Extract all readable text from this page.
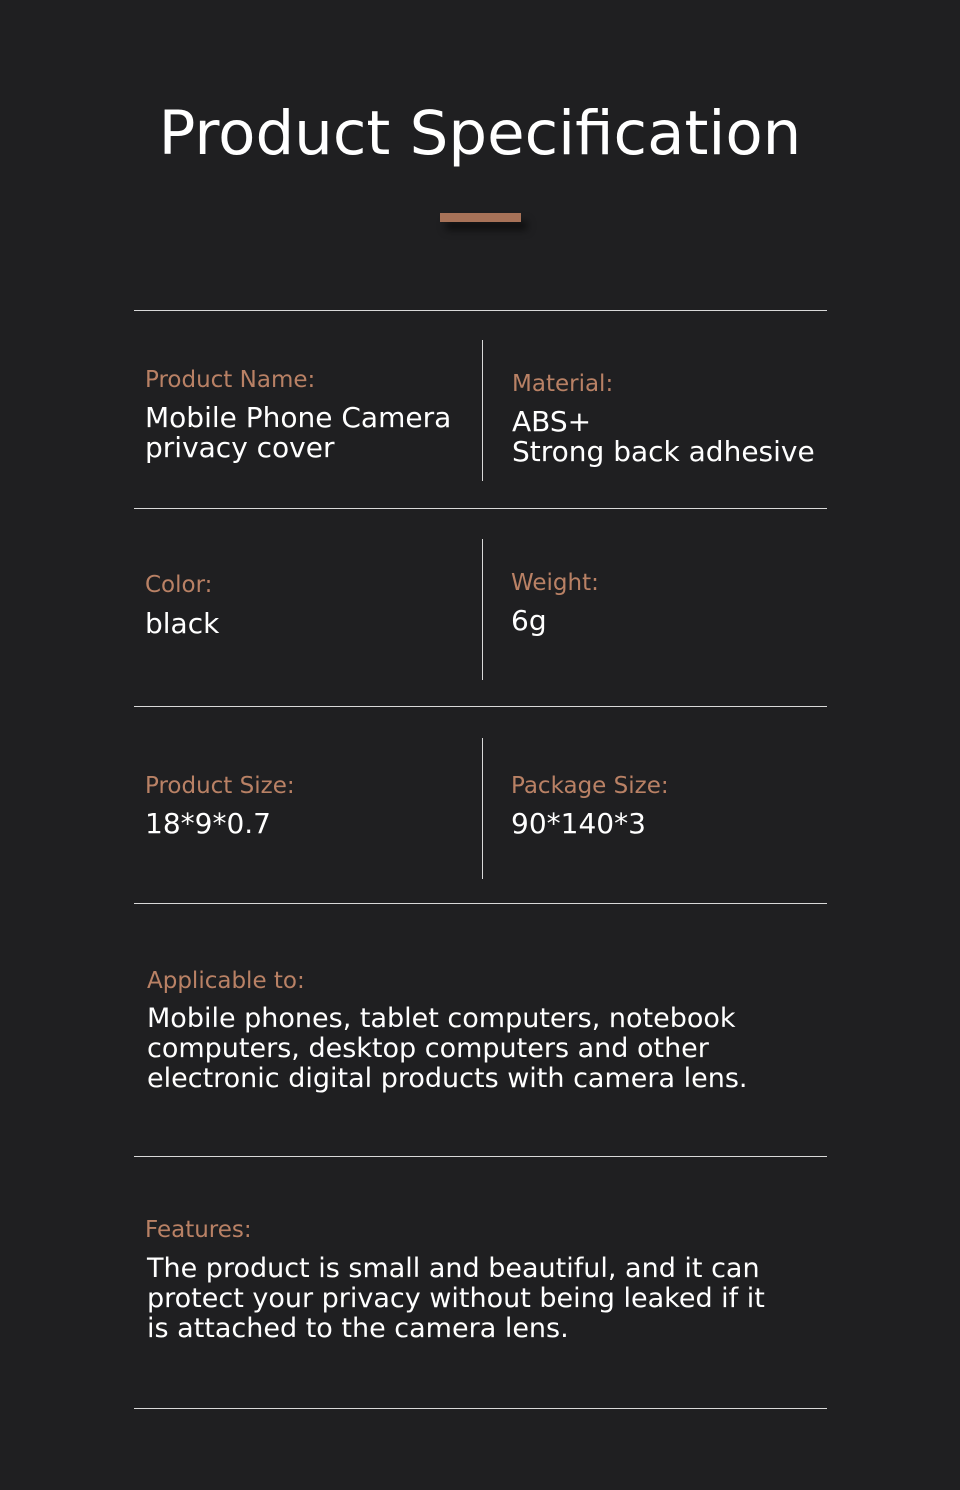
Product Specification
Product Name:
Mobile Phone Camera
privacy cover
Material:
ABS+
Strong back adhesive
Color:
black
Weight:
6g
Product Size:
18*9*0.7
Package Size:
90*140*3
Applicable to:
Mobile phones, tablet computers, notebook
computers, desktop computers and other
electronic digital products with camera lens.
Features:
The product is small and beautiful, and it can
protect your privacy without being leaked if it
is attached to the camera lens.
